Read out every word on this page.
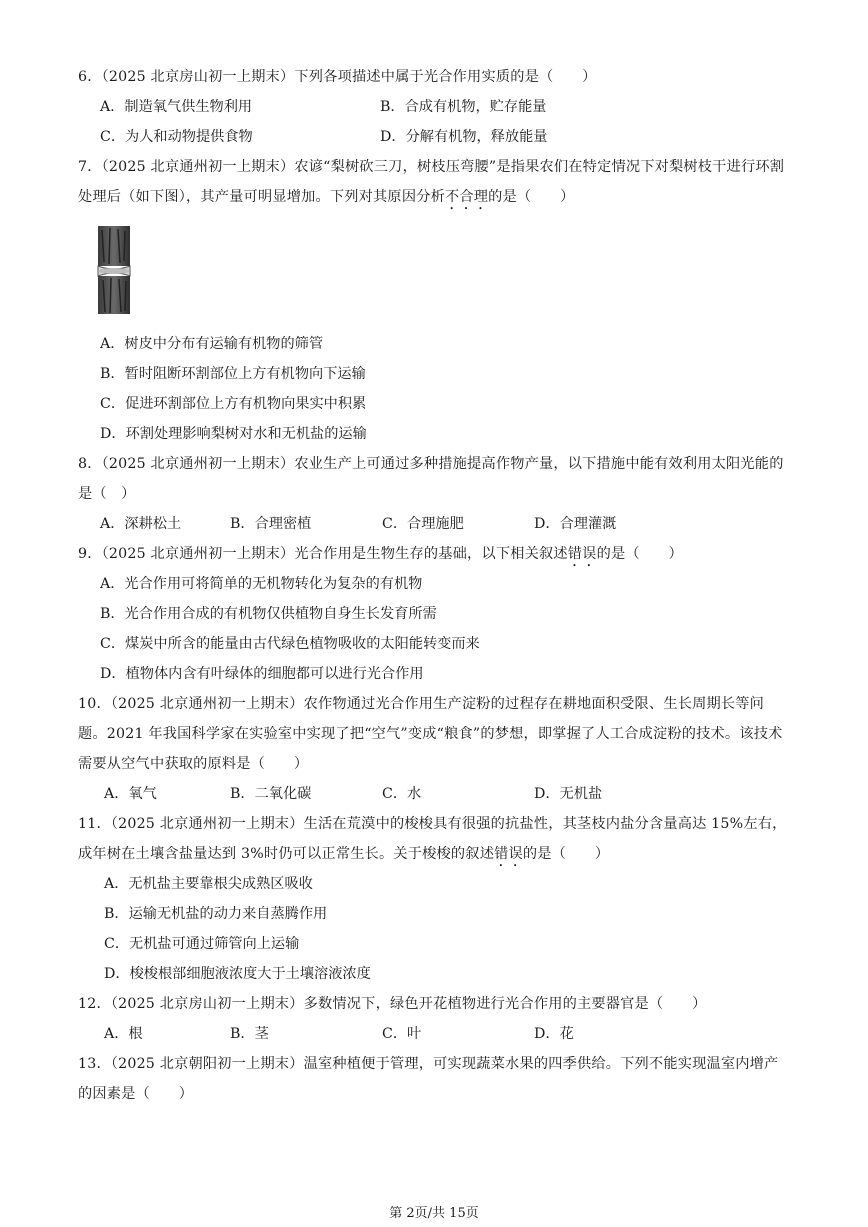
6．（2025 北京房山初一上期末）下列各项描述中属于光合作用实质的是（　　）
A．制造氧气供生物利用	B．合成有机物，贮存能量
C．为人和动物提供食物	D．分解有机物，释放能量
7．（2025 北京通州初一上期末）农谚“梨树砍三刀，树枝压弯腰”是指果农们在特定情况下对梨树枝干进行环割处理后（如下图），其产量可明显增加。下列对其原因分析不合理的是（　　）
A．树皮中分布有运输有机物的筛管
B．暂时阻断环割部位上方有机物向下运输
C．促进环割部位上方有机物向果实中积累
D．环割处理影响梨树对水和无机盐的运输
8．（2025 北京通州初一上期末）农业生产上可通过多种措施提高作物产量，以下措施中能有效利用太阳光能的是（　）
A．深耕松土	B．合理密植	C．合理施肥	D．合理灌溉
9．（2025 北京通州初一上期末）光合作用是生物生存的基础，以下相关叙述错误的是（　　）
A．光合作用可将简单的无机物转化为复杂的有机物
B．光合作用合成的有机物仅供植物自身生长发育所需
C．煤炭中所含的能量由古代绿色植物吸收的太阳能转变而来
D．植物体内含有叶绿体的细胞都可以进行光合作用
10．（2025 北京通州初一上期末）农作物通过光合作用生产淀粉的过程存在耕地面积受限、生长周期长等问题。2021 年我国科学家在实验室中实现了把“空气”变成“粮食”的梦想，即掌握了人工合成淀粉的技术。该技术需要从空气中获取的原料是（　　）
A．氧气	B．二氧化碳	C．水	D．无机盐
11．（2025 北京通州初一上期末）生活在荒漠中的梭梭具有很强的抗盐性，其茎枝内盐分含量高达 15%左右，成年树在土壤含盐量达到 3%时仍可以正常生长。关于梭梭的叙述错误的是（　　）
A．无机盐主要靠根尖成熟区吸收
B．运输无机盐的动力来自蒸腾作用
C．无机盐可通过筛管向上运输
D．梭梭根部细胞液浓度大于土壤溶液浓度
12．（2025 北京房山初一上期末）多数情况下，绿色开花植物进行光合作用的主要器官是（　　）
A．根	B．茎	C．叶	D．花
13．（2025 北京朝阳初一上期末）温室种植便于管理，可实现蔬菜水果的四季供给。下列不能实现温室内增产的因素是（　　）
第 2页/共 15页
